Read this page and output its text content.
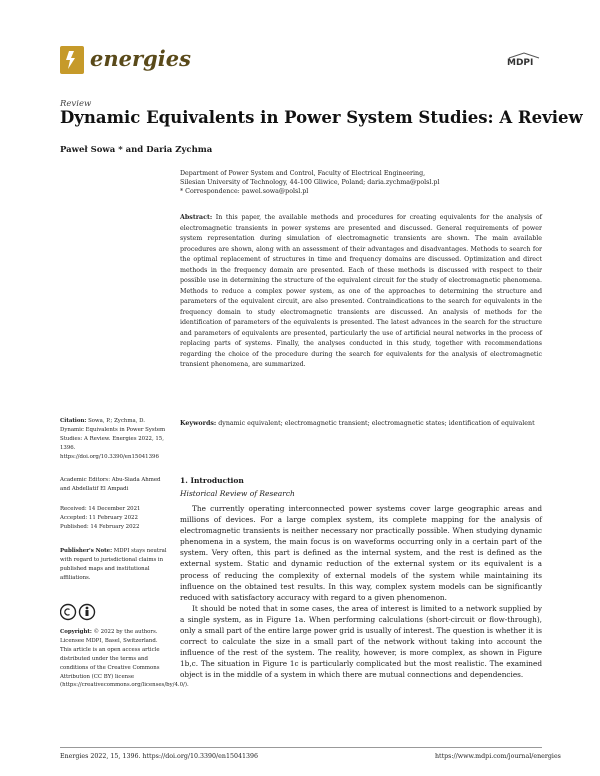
energies	MDPI
Review
Dynamic Equivalents in Power System Studies: A Review
Paweł Sowa * and Daria Zychma
Department of Power System and Control, Faculty of Electrical Engineering,
Silesian University of Technology, 44-100 Gliwice, Poland; daria.zychma@polsl.pl
* Correspondence: pawel.sowa@polsl.pl
Abstract: In this paper, the available methods and procedures for creating equivalents for the analysis of electromagnetic transients in power systems are presented and discussed. General requirements of power system representation during simulation of electromagnetic transients are shown. The main available procedures are shown, along with an assessment of their advantages and disadvantages. Methods to search for the optimal replacement of structures in time and frequency domains are discussed. Optimization and direct methods in the frequency domain are presented. Each of these methods is discussed with respect to their possible use in determining the structure of the equivalent circuit for the study of electromagnetic phenomena. Methods to reduce a complex power system, as one of the approaches to determining the structure and parameters of the equivalent circuit, are also presented. Contraindications to the search for equivalents in the frequency domain to study electromagnetic transients are discussed. An analysis of methods for the identification of parameters of the equivalents is presented. The latest advances in the search for the structure and parameters of equivalents are presented, particularly the use of artificial neural networks in the process of replacing parts of systems. Finally, the analyses conducted in this study, together with recommendations regarding the choice of the procedure during the search for equivalents for the analysis of electromagnetic transient phenomena, are summarized.
Keywords: dynamic equivalent; electromagnetic transient; electromagnetic states; identification of equivalent
Citation: Sowa, P.; Zychma, D. Dynamic Equivalents in Power System Studies: A Review. Energies 2022, 15, 1396. https://doi.org/10.3390/en15041396
Academic Editors: Abu-Siada Ahmed and Abdellatif El Ampadi
Received: 14 December 2021
Accepted: 11 February 2022
Published: 14 February 2022
Publisher's Note: MDPI stays neutral with regard to jurisdictional claims in published maps and institutional affiliations.
Copyright: © 2022 by the authors. Licensee MDPI, Basel, Switzerland. This article is an open access article distributed under the terms and conditions of the Creative Commons Attribution (CC BY) license (https://creativecommons.org/licenses/by/4.0/).
1. Introduction
Historical Review of Research

The currently operating interconnected power systems cover large geographic areas and millions of devices. For a large complex system, its complete mapping for the analysis of electromagnetic transients is neither necessary nor practically possible. When studying dynamic phenomena in a system, the main focus is on waveforms occurring only in a certain part of the system. Very often, this part is defined as the internal system, and the rest is defined as the external system. Static and dynamic reduction of the external system or its equivalent is a process of reducing the complexity of external models of the system while maintaining its influence on the obtained test results. In this way, complex system models can be significantly reduced with satisfactory accuracy with regard to a given phenomenon.

It should be noted that in some cases, the area of interest is limited to a network supplied by a single system, as in Figure 1a. When performing calculations (short-circuit or flow-through), only a small part of the entire large power grid is usually of interest. The question is whether it is correct to calculate the size in a small part of the network without taking into account the influence of the rest of the system. The reality, however, is more complex, as shown in Figure 1b,c. The situation in Figure 1c is particularly complicated but the most realistic. The examined object is in the middle of a system in which there are mutual connections and dependencies.

Energies 2022, 15, 1396. https://doi.org/10.3390/en15041396	https://www.mdpi.com/journal/energies
